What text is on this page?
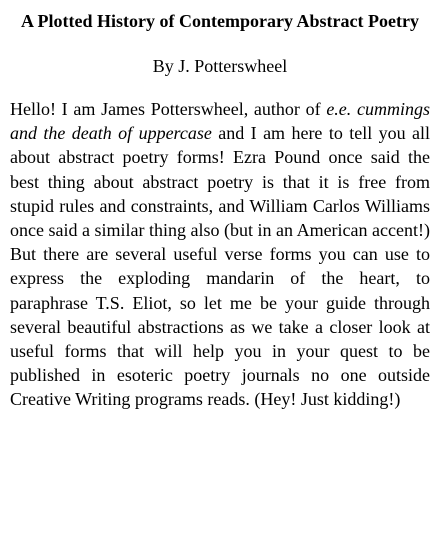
A Plotted History of Contemporary Abstract Poetry

By J. Potterswheel

Hello! I am James Potterswheel, author of e.e. cummings and the death of uppercase and I am here to tell you all about abstract poetry forms! Ezra Pound once said the best thing about abstract poetry is that it is free from stupid rules and constraints, and William Carlos Williams once said a similar thing also (but in an American accent!) But there are several useful verse forms you can use to express the exploding mandarin of the heart, to paraphrase T.S. Eliot, so let me be your guide through several beautiful abstractions as we take a closer look at useful forms that will help you in your quest to be published in esoteric poetry journals no one outside Creative Writing programs reads. (Hey! Just kidding!)
